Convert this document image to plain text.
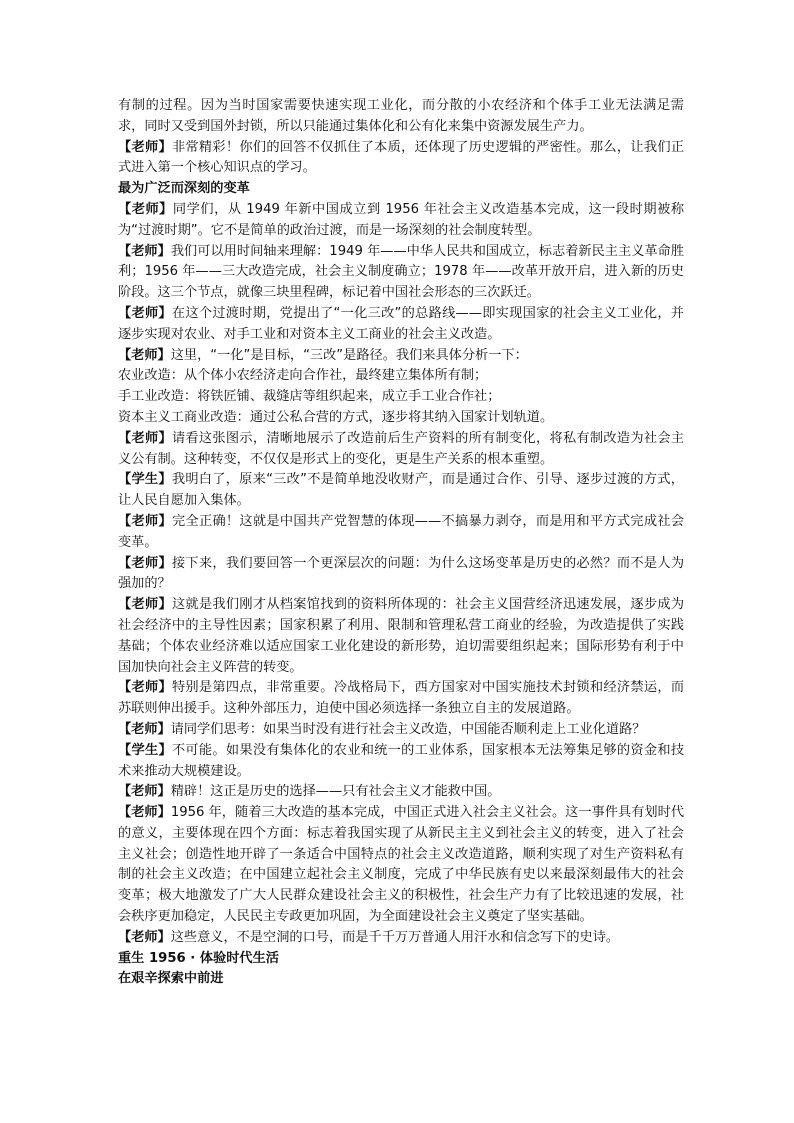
有制的过程。因为当时国家需要快速实现工业化，而分散的小农经济和个体手工业无法满足需求，同时又受到国外封锁，所以只能通过集体化和公有化来集中资源发展生产力。

【老师】非常精彩！你们的回答不仅抓住了本质，还体现了历史逻辑的严密性。那么，让我们正式进入第一个核心知识点的学习。

最为广泛而深刻的变革

【老师】同学们，从 1949 年新中国成立到 1956 年社会主义改造基本完成，这一段时期被称为“过渡时期”。它不是简单的政治过渡，而是一场深刻的社会制度转型。

【老师】我们可以用时间轴来理解：1949 年——中华人民共和国成立，标志着新民主主义革命胜利；1956 年——三大改造完成，社会主义制度确立；1978 年——改革开放开启，进入新的历史阶段。这三个节点，就像三块里程碑，标记着中国社会形态的三次跃迁。

【老师】在这个过渡时期，党提出了“一化三改”的总路线——即实现国家的社会主义工业化，并逐步实现对农业、对手工业和对资本主义工商业的社会主义改造。

【老师】这里，“一化”是目标，“三改”是路径。我们来具体分析一下：

农业改造：从个体小农经济走向合作社，最终建立集体所有制；

手工业改造：将铁匠铺、裁缝店等组织起来，成立手工业合作社；

资本主义工商业改造：通过公私合营的方式，逐步将其纳入国家计划轨道。

【老师】请看这张图示，清晰地展示了改造前后生产资料的所有制变化，将私有制改造为社会主义公有制。这种转变，不仅仅是形式上的变化，更是生产关系的根本重塑。

【学生】我明白了，原来“三改”不是简单地没收财产，而是通过合作、引导、逐步过渡的方式，让人民自愿加入集体。

【老师】完全正确！这就是中国共产党智慧的体现——不搞暴力剥夺，而是用和平方式完成社会变革。

【老师】接下来，我们要回答一个更深层次的问题：为什么这场变革是历史的必然？而不是人为强加的？

【老师】这就是我们刚才从档案馆找到的资料所体现的：社会主义国营经济迅速发展，逐步成为社会经济中的主导性因素；国家积累了利用、限制和管理私营工商业的经验，为改造提供了实践基础；个体农业经济难以适应国家工业化建设的新形势，迫切需要组织起来；国际形势有利于中国加快向社会主义阵营的转变。

【老师】特别是第四点，非常重要。冷战格局下，西方国家对中国实施技术封锁和经济禁运，而苏联则伸出援手。这种外部压力，迫使中国必须选择一条独立自主的发展道路。

【老师】请同学们思考：如果当时没有进行社会主义改造，中国能否顺利走上工业化道路？

【学生】不可能。如果没有集体化的农业和统一的工业体系，国家根本无法筹集足够的资金和技术来推动大规模建设。

【老师】精辟！这正是历史的选择——只有社会主义才能救中国。

【老师】1956 年，随着三大改造的基本完成，中国正式进入社会主义社会。这一事件具有划时代的意义，主要体现在四个方面：标志着我国实现了从新民主主义到社会主义的转变，进入了社会主义社会；创造性地开辟了一条适合中国特点的社会主义改造道路，顺利实现了对生产资料私有制的社会主义改造；在中国建立起社会主义制度，完成了中华民族有史以来最深刻最伟大的社会变革；极大地激发了广大人民群众建设社会主义的积极性，社会生产力有了比较迅速的发展，社会秩序更加稳定，人民民主专政更加巩固，为全面建设社会主义奠定了坚实基础。

【老师】这些意义，不是空洞的口号，而是千千万万普通人用汗水和信念写下的史诗。

重生 1956 · 体验时代生活

在艰辛探索中前进
